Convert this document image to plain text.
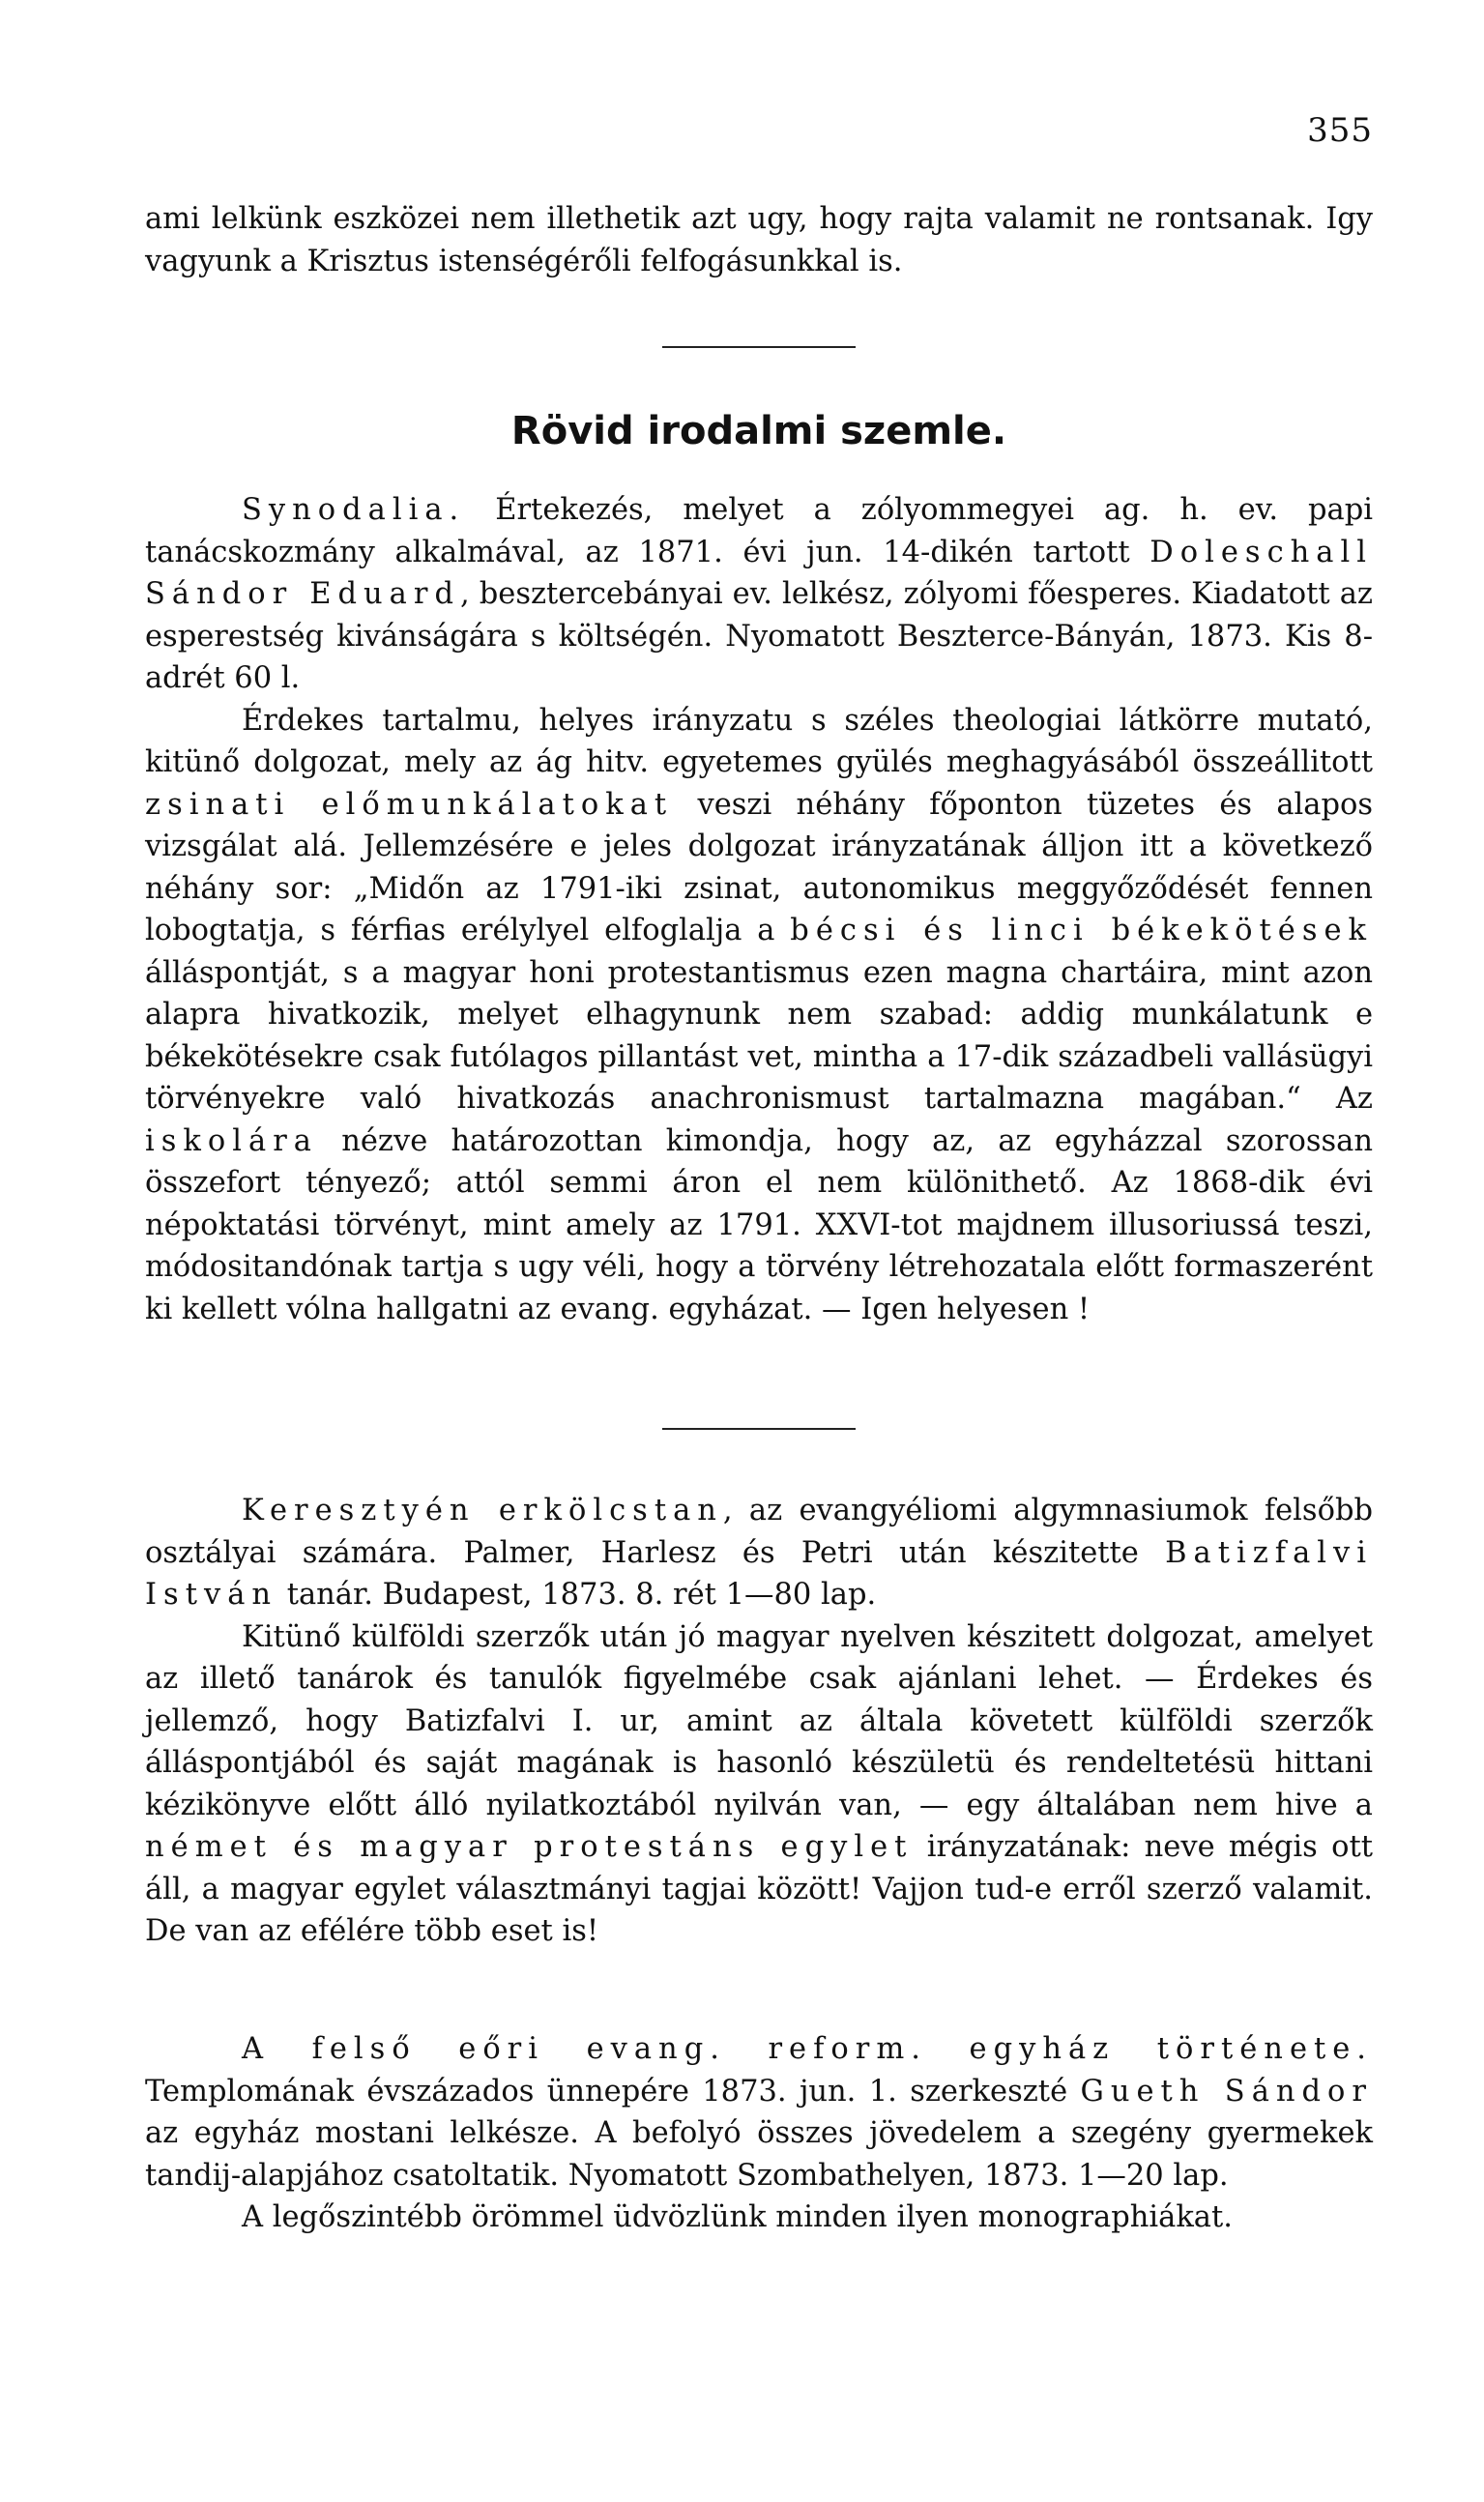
355

ami lelkünk eszközei nem illethetik azt ugy, hogy rajta valamit ne rontsanak. Igy vagyunk a Krisztus istenségérőli felfogásunkkal is.

Rövid irodalmi szemle.

Synodalia. Értekezés, melyet a zólyommegyei ag. h. ev. papi tanácskozmány alkalmával, az 1871. évi jun. 14-dikén tartott Doleschall Sándor Eduard, besztercebányai ev. lelkész, zólyomi főesperes. Kiadatott az esperestség kivánságára s költségén. Nyomatott Beszterce-Bányán, 1873. Kis 8-adrét 60 l.

Érdekes tartalmu, helyes irányzatu s széles theologiai látkörre mutató, kitünő dolgozat, mely az ág hitv. egyetemes gyülés meghagyásából összeállitott zsinati előmunkálatokat veszi néhány főponton tüzetes és alapos vizsgálat alá. Jellemzésére e jeles dolgozat irányzatának álljon itt a következő néhány sor: „Midőn az 1791-iki zsinat, autonomikus meggyőződését fennen lobogtatja, s férfias erélylyel elfoglalja a bécsi és linci békekötések álláspontját, s a magyar honi protestantismus ezen magna chartáira, mint azon alapra hivatkozik, melyet elhagynunk nem szabad: addig munkálatunk e békekötésekre csak futólagos pillantást vet, mintha a 17-dik századbeli vallásügyi törvényekre való hivatkozás anachronismust tartalmazna magában.“ Az iskolára nézve határozottan kimondja, hogy az, az egyházzal szorossan összefort tényező; attól semmi áron el nem különithető. Az 1868-dik évi népoktatási törvényt, mint amely az 1791. XXVI-tot majdnem illusoriussá teszi, módositandónak tartja s ugy véli, hogy a törvény létrehozatala előtt formaszerént ki kellett vólna hallgatni az evang. egyházat. — Igen helyesen !

Keresztyén erkölcstan, az evangyéliomi algymnasiumok felsőbb osztályai számára. Palmer, Harlesz és Petri után készitette Batizfalvi István tanár. Budapest, 1873. 8. rét 1—80 lap.

Kitünő külföldi szerzők után jó magyar nyelven készitett dolgozat, amelyet az illető tanárok és tanulók figyelmébe csak ajánlani lehet. — Érdekes és jellemző, hogy Batizfalvi I. ur, amint az általa követett külföldi szerzők álláspontjából és saját magának is hasonló készületü és rendeltetésü hittani kézikönyve előtt álló nyilatkoztából nyilván van, — egy általában nem hive a német és magyar protestáns egylet irányzatának: neve mégis ott áll, a magyar egylet választmányi tagjai között! Vajjon tud-e erről szerző valamit. De van az efélére több eset is!

A felső eőri evang. reform. egyház története. Templomának évszázados ünnepére 1873. jun. 1. szerkeszté Gueth Sándor az egyház mostani lelkésze. A befolyó összes jövedelem a szegény gyermekek tandij-alapjához csatoltatik. Nyomatott Szombathelyen, 1873. 1—20 lap.

A legőszintébb örömmel üdvözlünk minden ilyen monographiákat.
